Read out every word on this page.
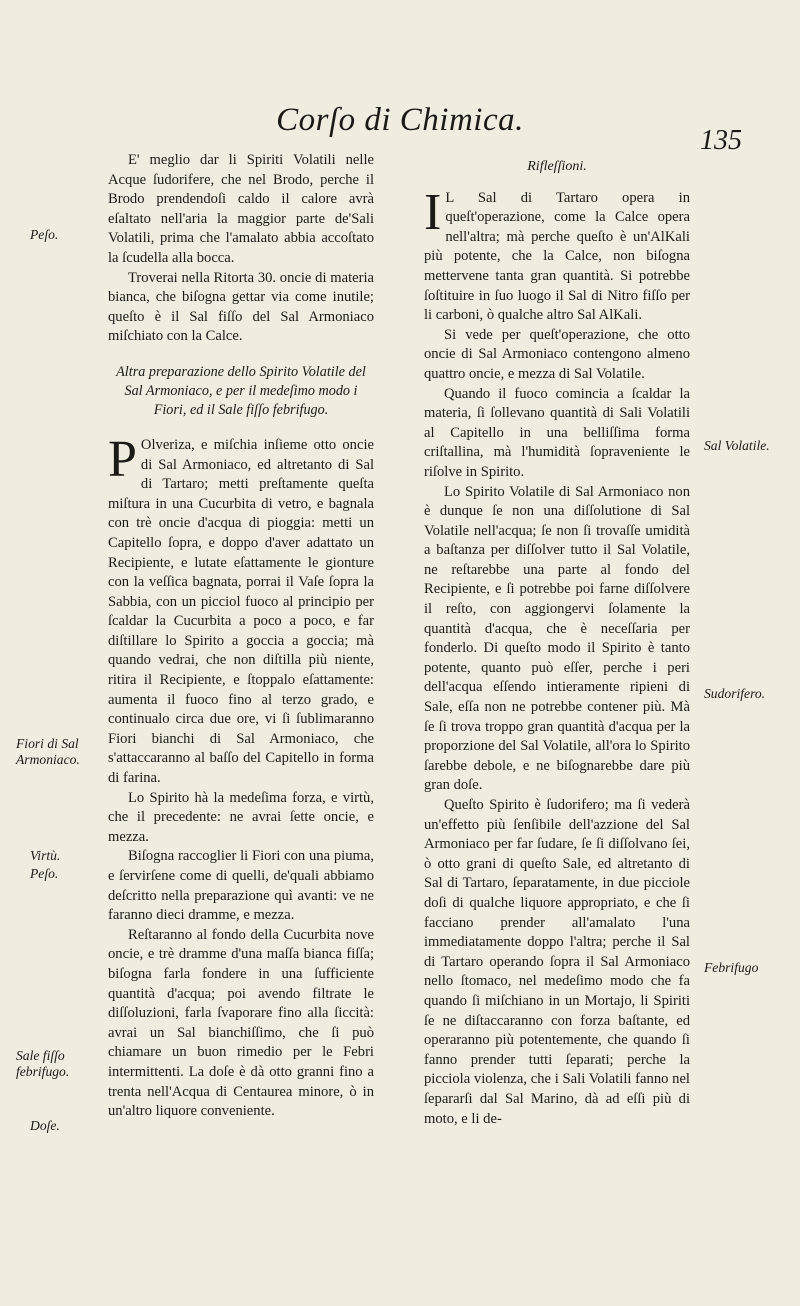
Corſo di Chimica.
135

E' meglio dar li Spiriti Volatili nelle Acque ſudorifere, che nel Brodo, perche il Brodo prendendoſi caldo il calore avrà eſaltato nell'aria la maggior parte de'Sali Volatili, prima che l'amalato abbia accoſtato la ſcudella alla bocca.

Troverai nella Ritorta 30. oncie di materia bianca, che biſogna gettar via come inutile; queſto è il Sal fiſſo del Sal Armoniaco miſchiato con la Calce.

Altra preparazione dello Spirito Volatile del Sal Armoniaco, e per il medeſimo modo i Fiori, ed il Sale fiſſo febrifugo.

P Olveriza, e miſchia inſieme otto oncie di Sal Armoniaco, ed altretanto di Sal di Tartaro; metti preſtamente queſta miſtura in una Cucurbita di vetro, e bagnala con trè oncie d'acqua di pioggia: metti un Capitello ſopra, e doppo d'aver adattato un Recipiente, e lutate eſattamente le gionture con la veſſica bagnata, porrai il Vaſe ſopra la Sabbia, con un picciol fuoco al principio per ſcaldar la Cucurbita a poco a poco, e far diſtillare lo Spirito a goccia a goccia; mà quando vedrai, che non diſtilla più niente, ritira il Recipiente, e ſtoppalo eſattamente: aumenta il fuoco fino al terzo grado, e continualo circa due ore, vi ſi ſublimaranno Fiori bianchi di Sal Armoniaco, che s'attaccaranno al baſſo del Capitello in forma di farina.

Lo Spirito hà la medeſima forza, e virtù, che il precedente: ne avrai ſette oncie, e mezza.

Biſogna raccoglier li Fiori con una piuma, e ſervirſene come di quelli, de'quali abbiamo deſcritto nella preparazione quì avanti: ve ne faranno dieci dramme, e mezza.

Reſtaranno al fondo della Cucurbita nove oncie, e trè dramme d'una maſſa bianca fiſſa; biſogna farla fondere in una ſufficiente quantità d'acqua; poi avendo filtrate le diſſoluzioni, farla ſvaporare fino alla ſiccità: avrai un Sal bianchiſſimo, che ſi può chiamare un buon rimedio per le Febri intermittenti. La doſe è dà otto granni fino a trenta nell'Acqua di Centaurea minore, ò in un'altro liquore conveniente.

Peſo.
Fiori di Sal Armoniaco.
Virtù.
Peſo.
Sale fiſſo febrifugo.
Doſe.
Rifleſſioni.

I L Sal di Tartaro opera in queſt'operazione, come la Calce opera nell'altra; mà perche queſto è un'AlKali più potente, che la Calce, non biſogna mettervene tanta gran quantità. Si potrebbe ſoſtituire in ſuo luogo il Sal di Nitro fiſſo per li carboni, ò qualche altro Sal AlKali.

Si vede per queſt'operazione, che otto oncie di Sal Armoniaco contengono almeno quattro oncie, e mezza di Sal Volatile.

Quando il fuoco comincia a ſcaldar la materia, ſi ſollevano quantità di Sali Volatili al Capitello in una belliſſima forma criſtallina, mà l'humidità ſopraveniente le riſolve in Spirito.

Lo Spirito Volatile di Sal Armoniaco non è dunque ſe non una diſſolutione di Sal Volatile nell'acqua; ſe non ſi trovaſſe umidità a baſtanza per diſſolver tutto il Sal Volatile, ne reſtarebbe una parte al fondo del Recipiente, e ſi potrebbe poi farne diſſolvere il reſto, con aggiongervi ſolamente la quantità d'acqua, che è neceſſaria per fonderlo. Di queſto modo il Spirito è tanto potente, quanto può eſſer, perche i peri dell'acqua eſſendo intieramente ripieni di Sale, eſſa non ne potrebbe contener più. Mà ſe ſi trova troppo gran quantità d'acqua per la proporzione del Sal Volatile, all'ora lo Spirito ſarebbe debole, e ne biſognarebbe dare più gran doſe.

Queſto Spirito è ſudorifero; ma ſi vederà un'effetto più ſenſibile dell'azzione del Sal Armoniaco per far ſudare, ſe ſi diſſolvano ſei, ò otto grani di queſto Sale, ed altretanto di Sal di Tartaro, ſeparatamente, in due picciole doſi di qualche liquore appropriato, e che ſi facciano prender all'amalato l'una immediatamente doppo l'altra; perche il Sal di Tartaro operando ſopra il Sal Armoniaco nello ſtomaco, nel medeſimo modo che fa quando ſi miſchiano in un Mortajo, li Spiriti ſe ne diſtaccaranno con forza baſtante, ed operaranno più potentemente, che quando ſi fanno prender tutti ſeparati; perche la picciola violenza, che i Sali Volatili fanno nel ſepararſi dal Sal Marino, dà ad eſſi più di moto, e li de-

Sal Volatile.
Sudorifero.
Febrifugo
